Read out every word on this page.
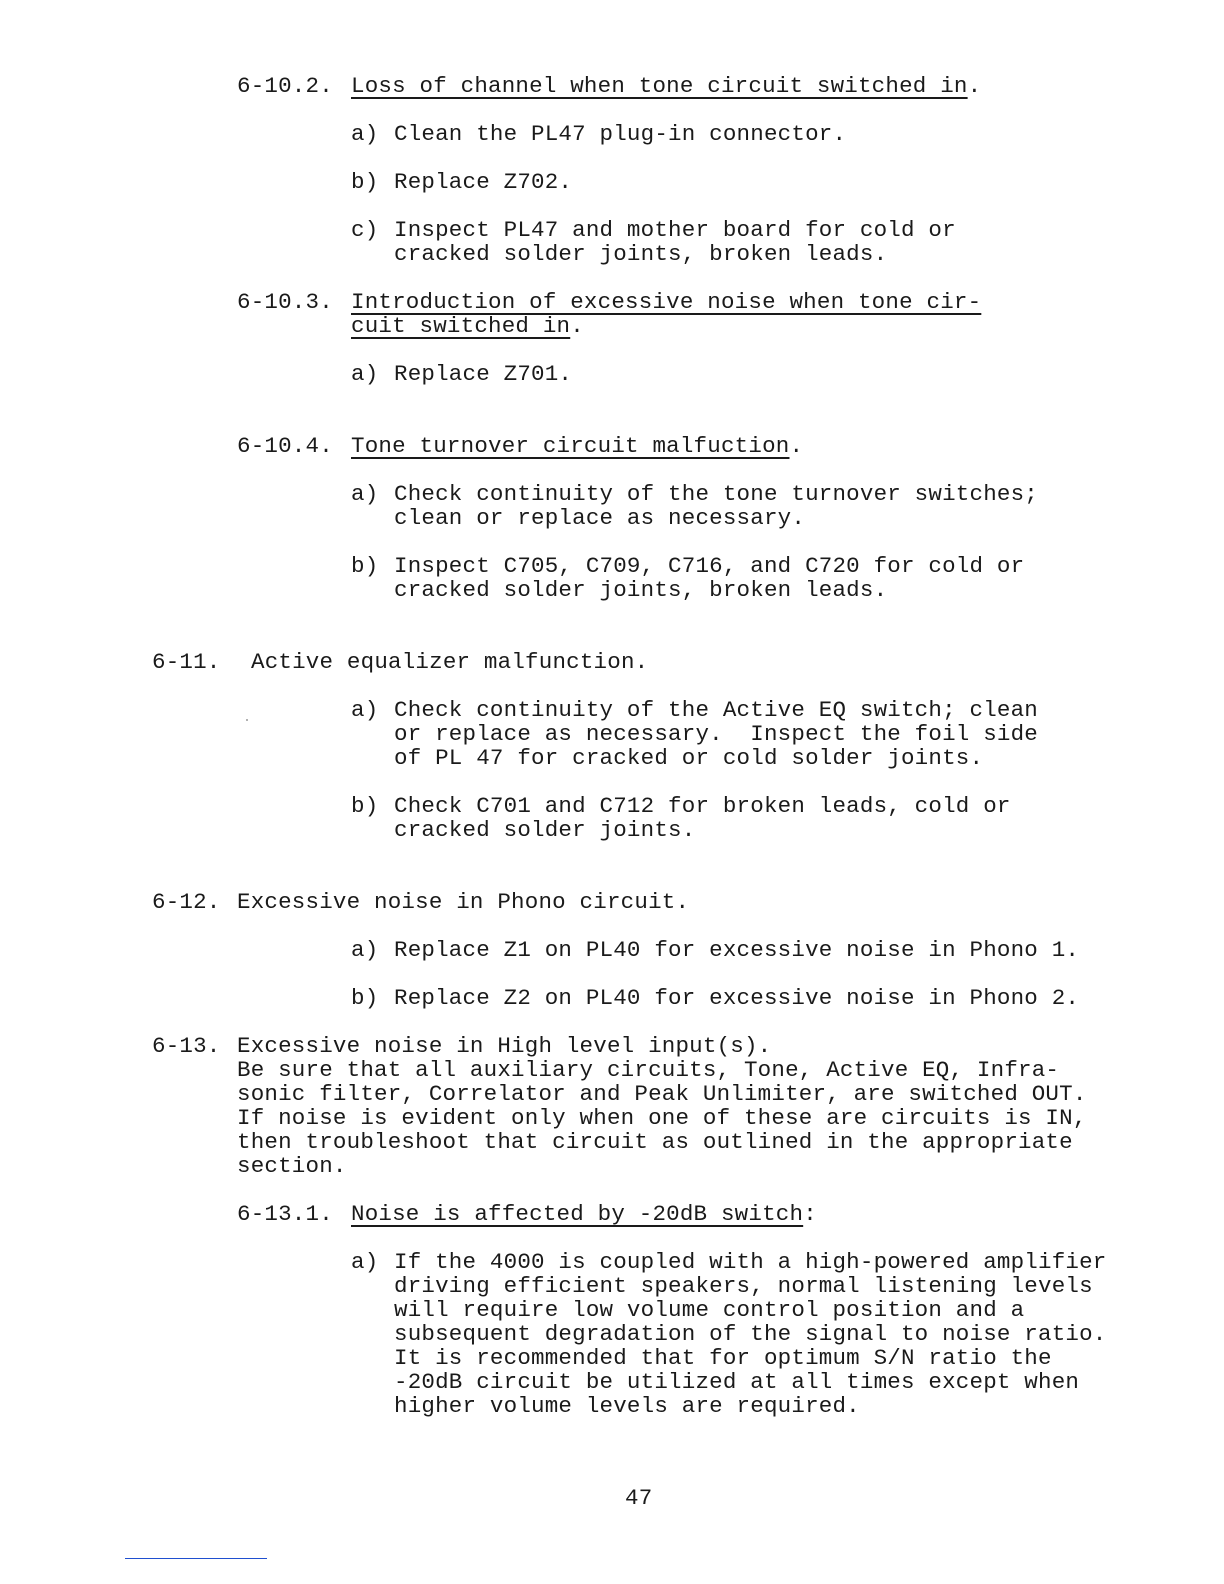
6-10.2. Loss of channel when tone circuit switched in.
a) Clean the PL47 plug-in connector.
b) Replace Z702.
c) Inspect PL47 and mother board for cold or
cracked solder joints, broken leads.
6-10.3. Introduction of excessive noise when tone cir-
cuit switched in.
a) Replace Z701.
6-10.4. Tone turnover circuit malfuction.
a) Check continuity of the tone turnover switches;
clean or replace as necessary.
b) Inspect C705, C709, C716, and C720 for cold or
cracked solder joints, broken leads.
6-11. Active equalizer malfunction.
a) Check continuity of the Active EQ switch; clean
or replace as necessary.  Inspect the foil side
of PL 47 for cracked or cold solder joints.
b) Check C701 and C712 for broken leads, cold or
cracked solder joints.
6-12. Excessive noise in Phono circuit.
a) Replace Z1 on PL40 for excessive noise in Phono 1.
b) Replace Z2 on PL40 for excessive noise in Phono 2.
6-13. Excessive noise in High level input(s).
Be sure that all auxiliary circuits, Tone, Active EQ, Infra-
sonic filter, Correlator and Peak Unlimiter, are switched OUT.
If noise is evident only when one of these are circuits is IN,
then troubleshoot that circuit as outlined in the appropriate
section.
6-13.1. Noise is affected by -20dB switch:
a) If the 4000 is coupled with a high-powered amplifier
driving efficient speakers, normal listening levels
will require low volume control position and a
subsequent degradation of the signal to noise ratio.
It is recommended that for optimum S/N ratio the
-20dB circuit be utilized at all times except when
higher volume levels are required.
47
